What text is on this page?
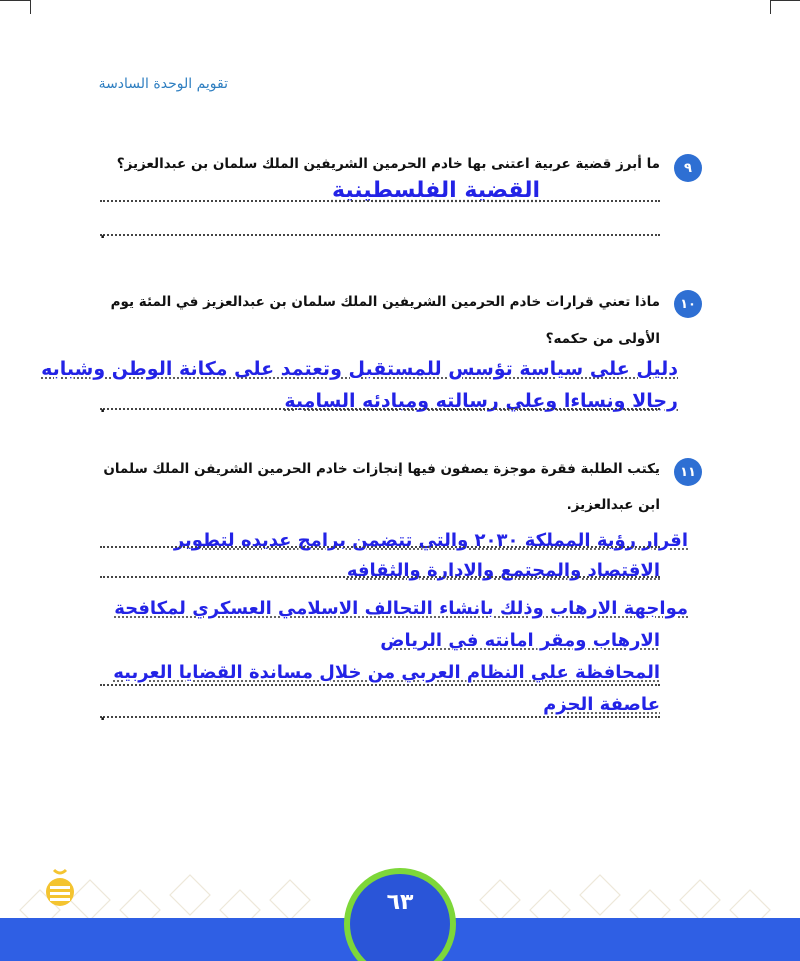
تقويم الوحدة السادسة
٩
ما أبرز قضية عربية اعتنى بها خادم الحرمين الشريفين الملك سلمان بن عبدالعزيز؟
القضية الفلسطينية
.
١٠
ماذا تعني قرارات خادم الحرمين الشريفين الملك سلمان بن عبدالعزيز في المئة يوم
الأولى من حكمه؟
دليل على سياسة تؤسس للمستقبل وتعتمد على مكانة الوطن وشبابه
رجالا ونساءا وعلي رسالته ومبادئه السامية
.
١١
يكتب الطلبة فقرة موجزة يصفون فيها إنجازات خادم الحرمين الشريفن الملك سلمان
ابن عبدالعزيز.
اقرار رؤية المملكة ٢٠٣٠ والتي تتضمن برامج عديده لتطوير
الاقتصاد والمجتمع والادارة والثقافه
مواجهة الارهاب وذلك بانشاء التحالف الاسلامي العسكري لمكافحة
الارهاب ومقر امانته في الرياض
المحافظة علي النظام العربي من خلال مساندة القضايا العربيه
عاصفة الحزم
.
٦٣
